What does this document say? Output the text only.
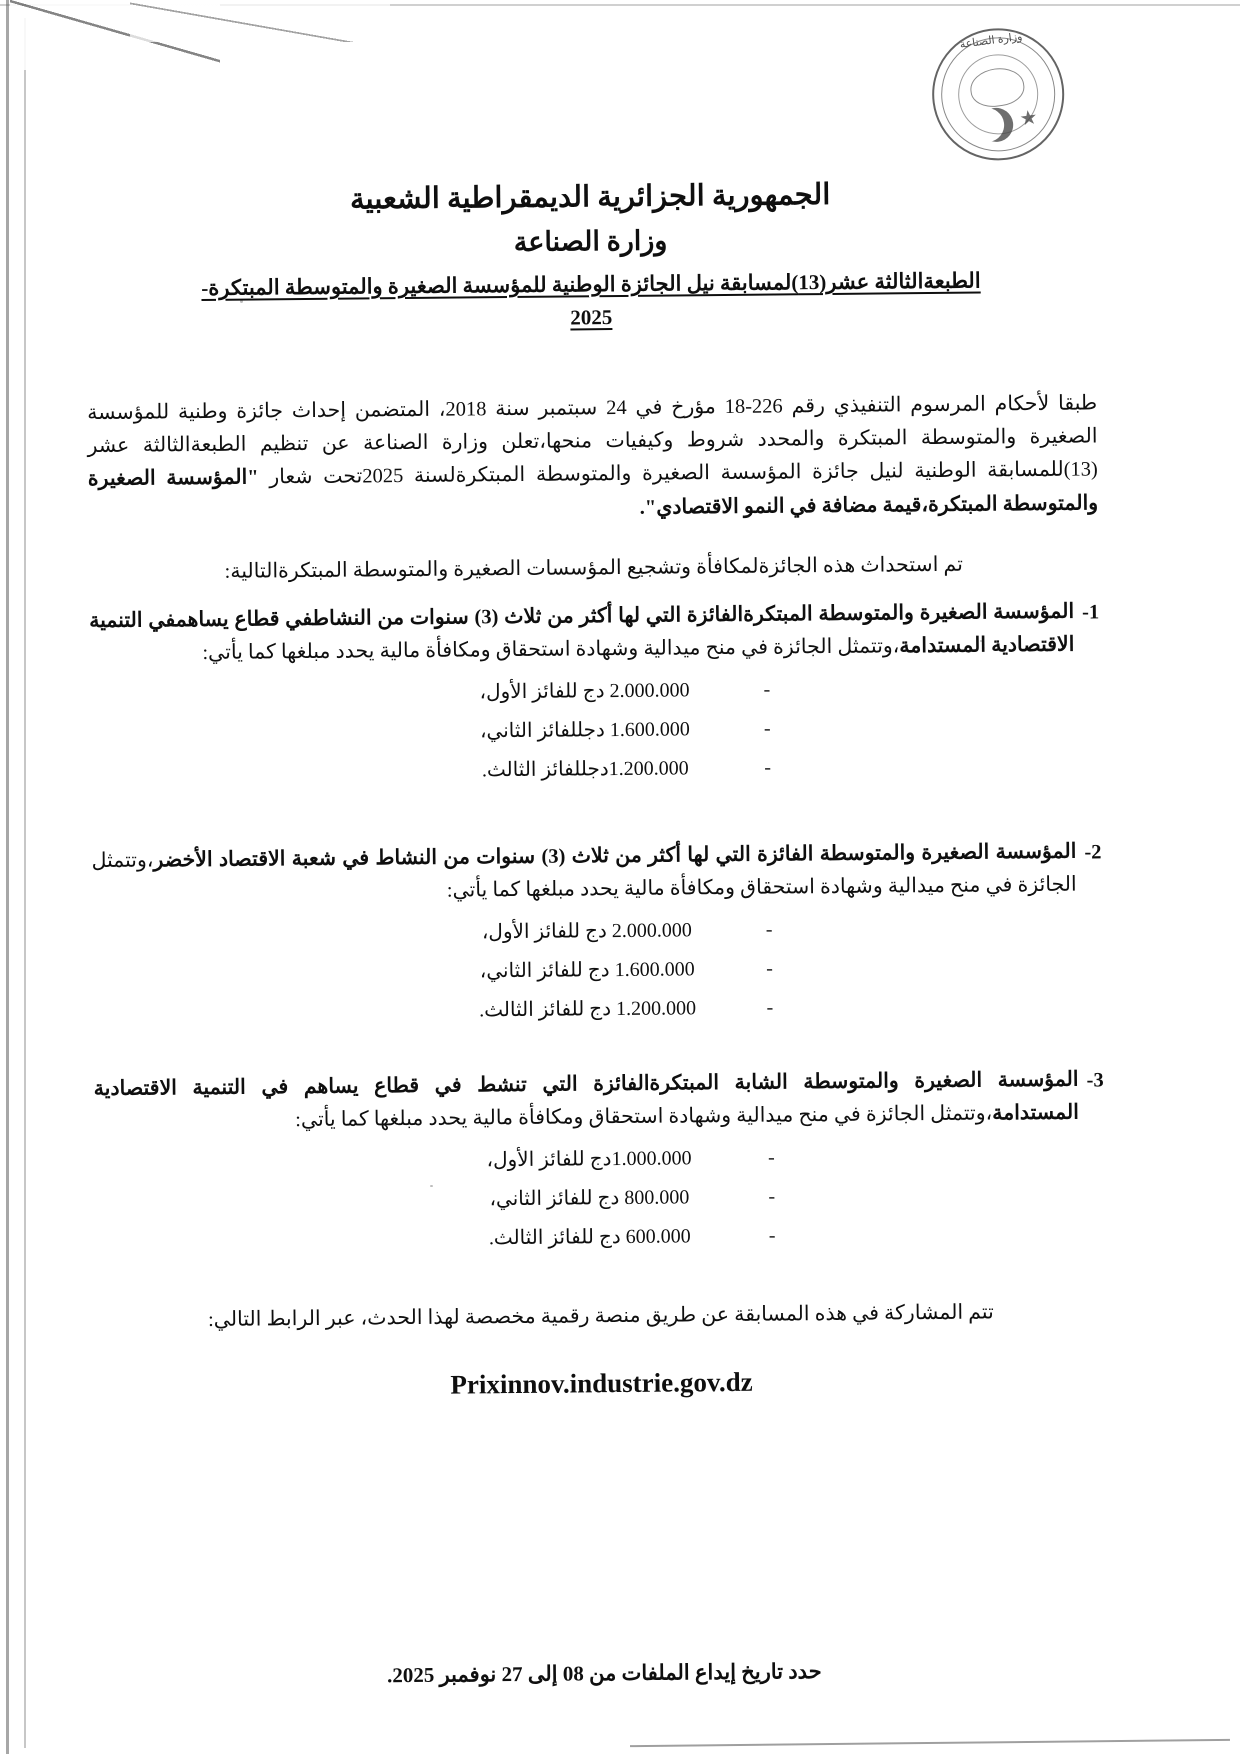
وزارة الصناعة
★
الجمهورية الجزائرية الديمقراطية الشعبية
وزارة الصناعة
الطبعةالثالثة عشر(13)لمسابقة نيل الجائزة الوطنية للمؤسسة الصغيرة والمتوسطة المبتكرة-
2025
طبقا لأحكام المرسوم التنفيذي رقم 226-18 مؤرخ في 24 سبتمبر سنة 2018، المتضمن إحداث جائزة وطنية للمؤسسة الصغيرة والمتوسطة المبتكرة والمحدد شروط وكيفيات منحها،تعلن وزارة الصناعة عن تنظيم الطبعةالثالثة عشر (13)للمسابقة الوطنية لنيل جائزة المؤسسة الصغيرة والمتوسطة المبتكرةلسنة 2025تحت شعار "المؤسسة الصغيرة والمتوسطة المبتكرة،قيمة مضافة في النمو الاقتصادي".
تم استحداث هذه الجائزةلمكافأة وتشجيع المؤسسات الصغيرة والمتوسطة المبتكرةالتالية:
1-
المؤسسة الصغيرة والمتوسطة المبتكرةالفائزة التي لها أكثر من ثلاث (3) سنوات من النشاطفي قطاع يساهمفي التنمية الاقتصادية المستدامة،وتتمثل الجائزة في منح ميدالية وشهادة استحقاق ومكافأة مالية يحدد مبلغها كما يأتي:
-
2.000.000 دج للفائز الأول،
-
1.600.000 دجللفائز الثاني،
-
1.200.000دجللفائز الثالث.
2-
المؤسسة الصغيرة والمتوسطة الفائزة التي لها أكثر من ثلاث (3) سنوات من النشاط في شعبة الاقتصاد الأخضر،وتتمثل الجائزة في منح ميدالية وشهادة استحقاق ومكافأة مالية يحدد مبلغها كما يأتي:
-
2.000.000 دج للفائز الأول،
-
1.600.000 دج للفائز الثاني،
-
1.200.000 دج للفائز الثالث.
3-
المؤسسة الصغيرة والمتوسطة الشابة المبتكرةالفائزة التي تنشط في قطاع يساهم في التنمية الاقتصادية المستدامة،وتتمثل الجائزة في منح ميدالية وشهادة استحقاق ومكافأة مالية يحدد مبلغها كما يأتي:
-
1.000.000دج للفائز الأول،
-
800.000 دج للفائز الثاني،
-
600.000 دج للفائز الثالث.
تتم المشاركة في هذه المسابقة عن طريق منصة رقمية مخصصة لهذا الحدث، عبر الرابط التالي:
Prixinnov.industrie.gov.dz
حدد تاريخ إيداع الملفات من 08 إلى 27 نوفمبر 2025.
